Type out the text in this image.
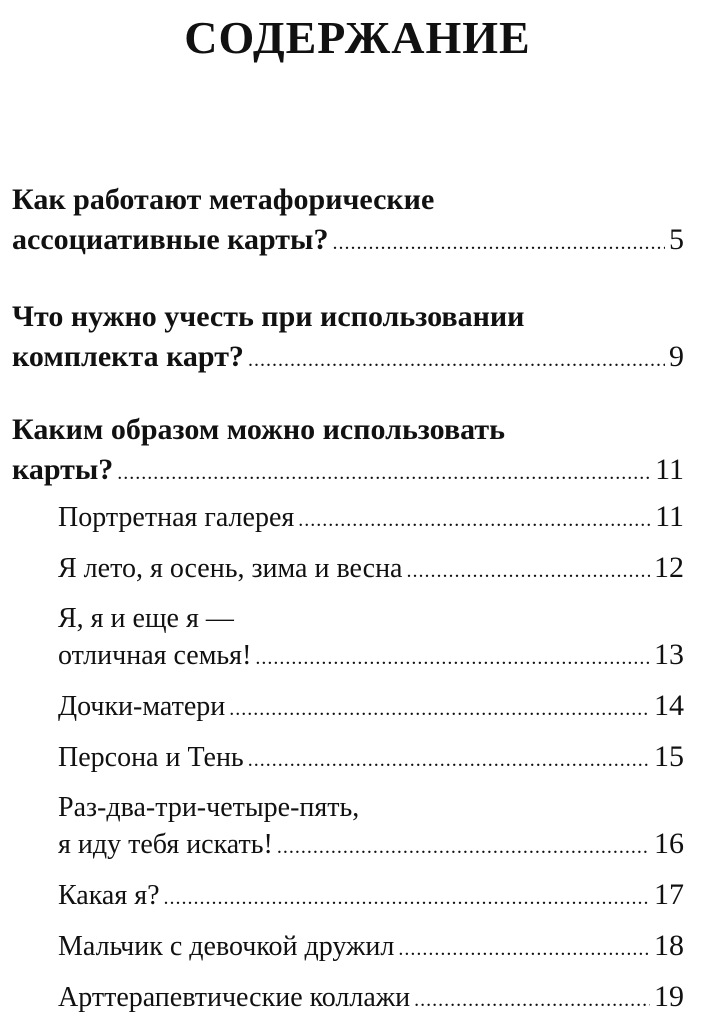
СОДЕРЖАНИЕ
Как работают метафорические
ассоциативные карты? .....	5
Что нужно учесть при использовании
комплекта карт? .....	9
Каким образом можно использовать
карты? .....	11
Портретная галерея .....	11
Я лето, я осень, зима и весна .....	12
Я, я и еще я —
отличная семья! .....	13
Дочки-матери .....	14
Персона и Тень .....	15
Раз-два-три-четыре-пять,
я иду тебя искать! .....	16
Какая я? .....	17
Мальчик с девочкой дружил .....	18
Арттерапевтические коллажи .....	19
